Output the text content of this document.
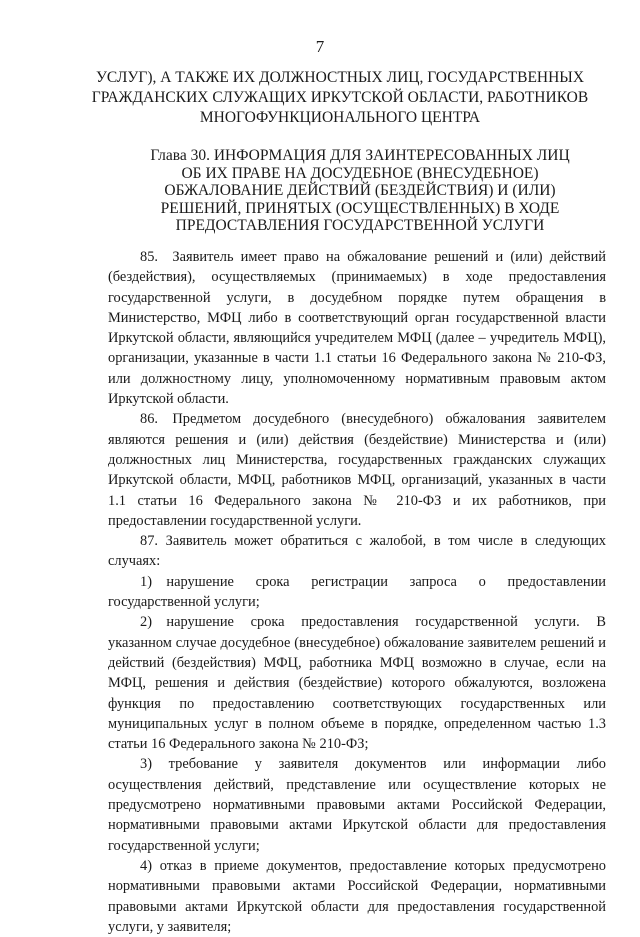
7
УСЛУГ), А ТАКЖЕ ИХ ДОЛЖНОСТНЫХ ЛИЦ, ГОСУДАРСТВЕННЫХ ГРАЖДАНСКИХ СЛУЖАЩИХ ИРКУТСКОЙ ОБЛАСТИ, РАБОТНИКОВ МНОГОФУНКЦИОНАЛЬНОГО ЦЕНТРА
Глава 30. ИНФОРМАЦИЯ ДЛЯ ЗАИНТЕРЕСОВАННЫХ ЛИЦ ОБ ИХ ПРАВЕ НА ДОСУДЕБНОЕ (ВНЕСУДЕБНОЕ) ОБЖАЛОВАНИЕ ДЕЙСТВИЙ (БЕЗДЕЙСТВИЯ) И (ИЛИ) РЕШЕНИЙ, ПРИНЯТЫХ (ОСУЩЕСТВЛЕННЫХ) В ХОДЕ ПРЕДОСТАВЛЕНИЯ ГОСУДАРСТВЕННОЙ УСЛУГИ

85. Заявитель имеет право на обжалование решений и (или) действий (бездействия), осуществляемых (принимаемых) в ходе предоставления государственной услуги, в досудебном порядке путем обращения в Министерство, МФЦ либо в соответствующий орган государственной власти Иркутской области, являющийся учредителем МФЦ (далее – учредитель МФЦ), организации, указанные в части 1.1 статьи 16 Федерального закона № 210-ФЗ, или должностному лицу, уполномоченному нормативным правовым актом Иркутской области.

86. Предметом досудебного (внесудебного) обжалования заявителем являются решения и (или) действия (бездействие) Министерства и (или) должностных лиц Министерства, государственных гражданских служащих Иркутской области, МФЦ, работников МФЦ, организаций, указанных в части 1.1 статьи 16 Федерального закона № 210-ФЗ и их работников, при предоставлении государственной услуги.

87. Заявитель может обратиться с жалобой, в том числе в следующих случаях:

1) нарушение срока регистрации запроса о предоставлении государственной услуги;

2) нарушение срока предоставления государственной услуги. В указанном случае досудебное (внесудебное) обжалование заявителем решений и действий (бездействия) МФЦ, работника МФЦ возможно в случае, если на МФЦ, решения и действия (бездействие) которого обжалуются, возложена функция по предоставлению соответствующих государственных или муниципальных услуг в полном объеме в порядке, определенном частью 1.3 статьи 16 Федерального закона № 210-ФЗ;

3) требование у заявителя документов или информации либо осуществления действий, представление или осуществление которых не предусмотрено нормативными правовыми актами Российской Федерации, нормативными правовыми актами Иркутской области для предоставления государственной услуги;

4) отказ в приеме документов, предоставление которых предусмотрено нормативными правовыми актами Российской Федерации, нормативными правовыми актами Иркутской области для предоставления государственной услуги, у заявителя;
